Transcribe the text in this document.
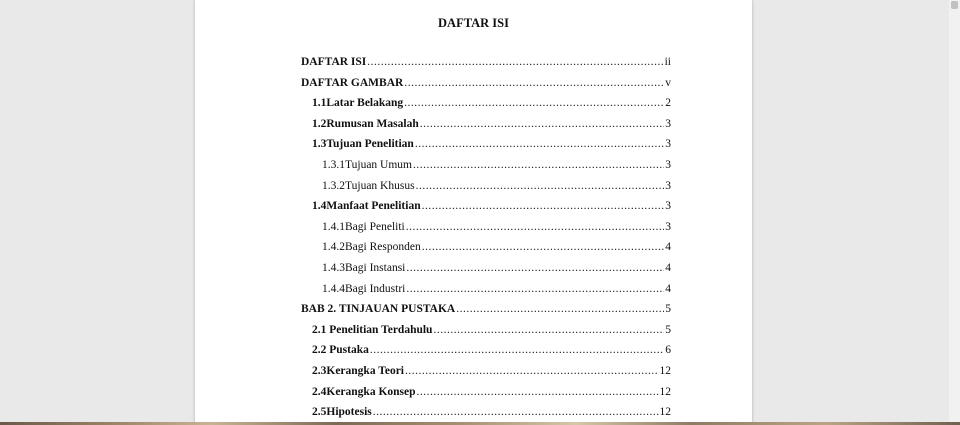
DAFTAR ISI
DAFTAR ISI .....	ii
DAFTAR GAMBAR .....	v
1.1 Latar Belakang .....	2
1.2 Rumusan Masalah .....	3
1.3 Tujuan Penelitian .....	3
1.3.1 Tujuan Umum .....	3
1.3.2 Tujuan Khusus .....	3
1.4 Manfaat Penelitian .....	3
1.4.1 Bagi Peneliti .....	3
1.4.2 Bagi Responden .....	4
1.4.3 Bagi Instansi .....	4
1.4.4 Bagi Industri .....	4
BAB 2. TINJAUAN PUSTAKA .....	5
2.1 Penelitian Terdahulu .....	5
2.2 Pustaka .....	6
2.3 Kerangka Teori .....	12
2.4 Kerangka Konsep .....	12
2.5 Hipotesis .....	12
